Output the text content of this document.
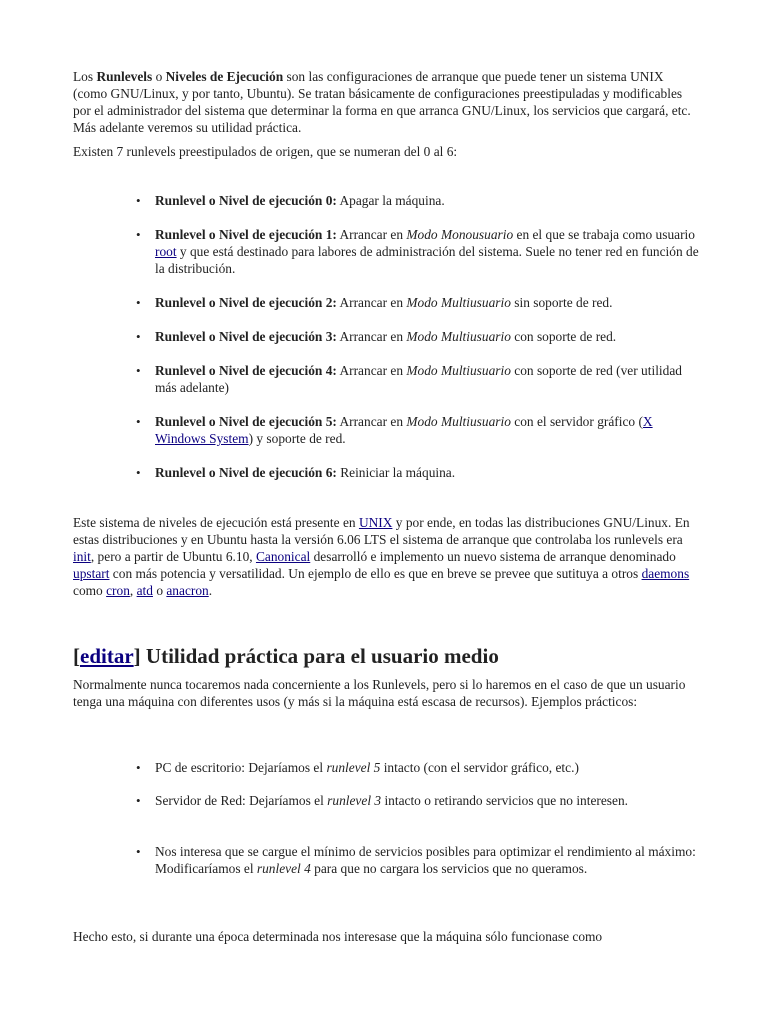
Los Runlevels o Niveles de Ejecución son las configuraciones de arranque que puede tener un sistema UNIX (como GNU/Linux, y por tanto, Ubuntu). Se tratan básicamente de configuraciones preestipuladas y modificables por el administrador del sistema que determinar la forma en que arranca GNU/Linux, los servicios que cargará, etc. Más adelante veremos su utilidad práctica.

Existen 7 runlevels preestipulados de origen, que se numeran del 0 al 6:

• Runlevel o Nivel de ejecución 0: Apagar la máquina.

• Runlevel o Nivel de ejecución 1: Arrancar en Modo Monousuario en el que se trabaja como usuario root y que está destinado para labores de administración del sistema. Suele no tener red en función de la distribución.

• Runlevel o Nivel de ejecución 2: Arrancar en Modo Multiusuario sin soporte de red.

• Runlevel o Nivel de ejecución 3: Arrancar en Modo Multiusuario con soporte de red.

• Runlevel o Nivel de ejecución 4: Arrancar en Modo Multiusuario con soporte de red (ver utilidad más adelante)

• Runlevel o Nivel de ejecución 5: Arrancar en Modo Multiusuario con el servidor gráfico (X Windows System) y soporte de red.

• Runlevel o Nivel de ejecución 6: Reiniciar la máquina.

Este sistema de niveles de ejecución está presente en UNIX y por ende, en todas las distribuciones GNU/Linux. En estas distribuciones y en Ubuntu hasta la versión 6.06 LTS el sistema de arranque que controlaba los runlevels era init, pero a partir de Ubuntu 6.10, Canonical desarrolló e implemento un nuevo sistema de arranque denominado upstart con más potencia y versatilidad. Un ejemplo de ello es que en breve se prevee que sutituya a otros daemons como cron, atd o anacron.

[editar] Utilidad práctica para el usuario medio

Normalmente nunca tocaremos nada concerniente a los Runlevels, pero si lo haremos en el caso de que un usuario tenga una máquina con diferentes usos (y más si la máquina está escasa de recursos). Ejemplos prácticos:

• PC de escritorio: Dejaríamos el runlevel 5 intacto (con el servidor gráfico, etc.)

• Servidor de Red: Dejaríamos el runlevel 3 intacto o retirando servicios que no interesen.

• Nos interesa que se cargue el mínimo de servicios posibles para optimizar el rendimiento al máximo: Modificaríamos el runlevel 4 para que no cargara los servicios que no queramos.

Hecho esto, si durante una época determinada nos interesase que la máquina sólo funcionase como
